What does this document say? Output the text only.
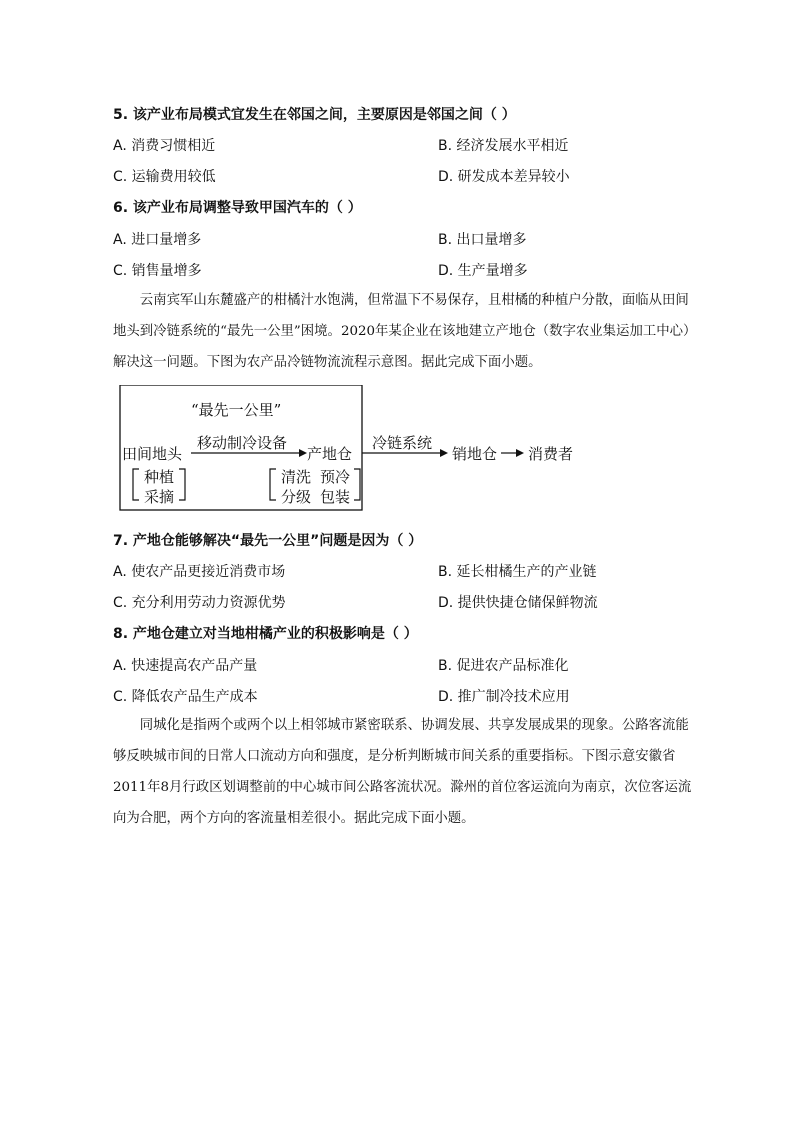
5. 该产业布局模式宜发生在邻国之间，主要原因是邻国之间（ ）
A. 消费习惯相近	B. 经济发展水平相近
C. 运输费用较低	D. 研发成本差异较小
6. 该产业布局调整导致甲国汽车的（ ）
A. 进口量增多	B. 出口量增多
C. 销售量增多	D. 生产量增多

云南宾军山东麓盛产的柑橘汁水饱满，但常温下不易保存，且柑橘的种植户分散，面临从田间地头到冷链系统的“最先一公里”困境。2020年某企业在该地建立产地仓（数字农业集运加工中心）解决这一问题。下图为农产品冷链物流流程示意图。据此完成下面小题。

“最先一公里”
田间地头
移动制冷设备
产地仓
冷链系统
销地仓 消费者
种植
采摘
清洗 预冷
分级 包装
7. 产地仓能够解决“最先一公里”问题是因为（ ）
A. 使农产品更接近消费市场	B. 延长柑橘生产的产业链
C. 充分利用劳动力资源优势	D. 提供快捷仓储保鲜物流
8. 产地仓建立对当地柑橘产业的积极影响是（ ）
A. 快速提高农产品产量	B. 促进农产品标准化
C. 降低农产品生产成本	D. 推广制冷技术应用

同城化是指两个或两个以上相邻城市紧密联系、协调发展、共享发展成果的现象。公路客流能够反映城市间的日常人口流动方向和强度，是分析判断城市间关系的重要指标。下图示意安徽省2011年8月行政区划调整前的中心城市间公路客流状况。滁州的首位客运流向为南京，次位客运流向为合肥，两个方向的客流量相差很小。据此完成下面小题。
